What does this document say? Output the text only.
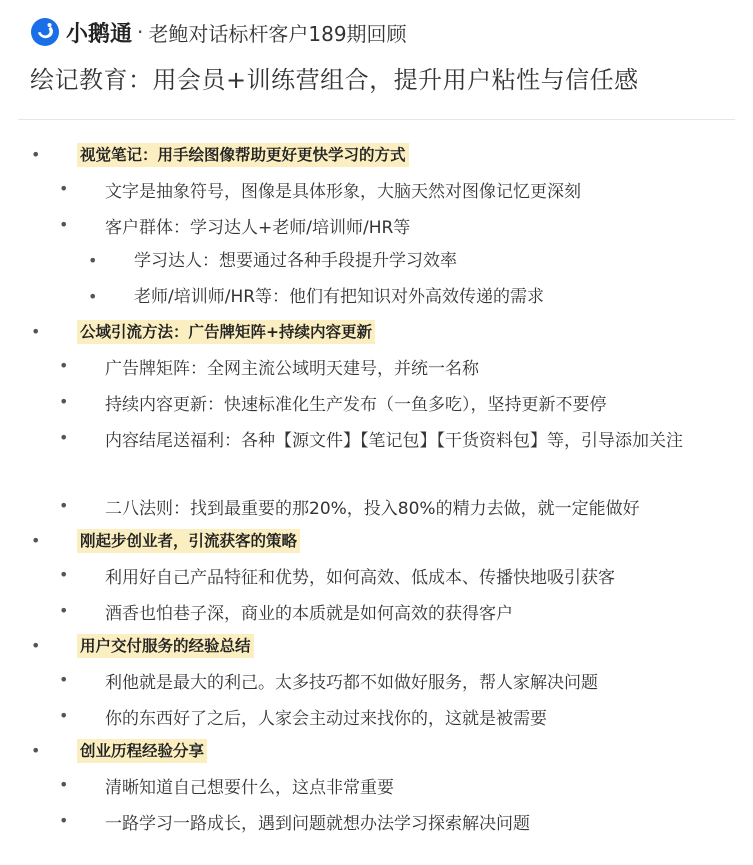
小鹅通 · 老鲍对话标杆客户189期回顾
绘记教育：用会员+训练营组合，提升用户粘性与信任感
•	视觉笔记：用手绘图像帮助更好更快学习的方式
• 文字是抽象符号，图像是具体形象，大脑天然对图像记忆更深刻
• 客户群体：学习达人+老师/培训师/HR等
• 学习达人：想要通过各种手段提升学习效率
• 老师/培训师/HR等：他们有把知识对外高效传递的需求
•	公域引流方法：广告牌矩阵+持续内容更新
• 广告牌矩阵：全网主流公域明天建号，并统一名称
• 持续内容更新：快速标准化生产发布（一鱼多吃），坚持更新不要停
• 内容结尾送福利：各种【源文件】【笔记包】【干货资料包】等，引导添加关注
• 二八法则：找到最重要的那20%，投入80%的精力去做，就一定能做好
•	刚起步创业者，引流获客的策略
• 利用好自己产品特征和优势，如何高效、低成本、传播快地吸引获客
• 酒香也怕巷子深，商业的本质就是如何高效的获得客户
•	用户交付服务的经验总结
• 利他就是最大的利己。太多技巧都不如做好服务，帮人家解决问题
• 你的东西好了之后，人家会主动过来找你的，这就是被需要
•	创业历程经验分享
• 清晰知道自己想要什么，这点非常重要
• 一路学习一路成长，遇到问题就想办法学习探索解决问题
